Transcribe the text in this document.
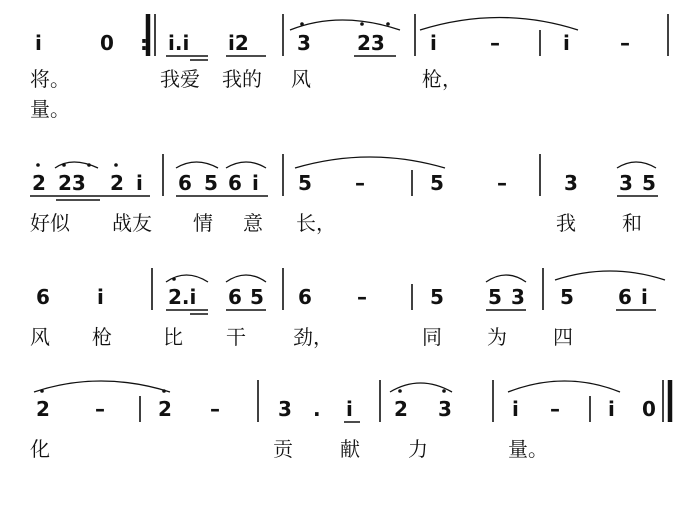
i	0 : i.i i2 3 23 i	–	i	–
将。	我爱 我的 风	枪，
量。
2 23 2 i 6 5 6 i 5 –	5	–	3 3 5
好似 战友 情 意 长，	我 和
6 i	2.i 6 5 6 –	5 5 3 5 6 i
风 枪	比 干 劲，	同 为 四
2 –	2 –	3 . i 2 3	i – i 0
化	贡 献 力	量。
